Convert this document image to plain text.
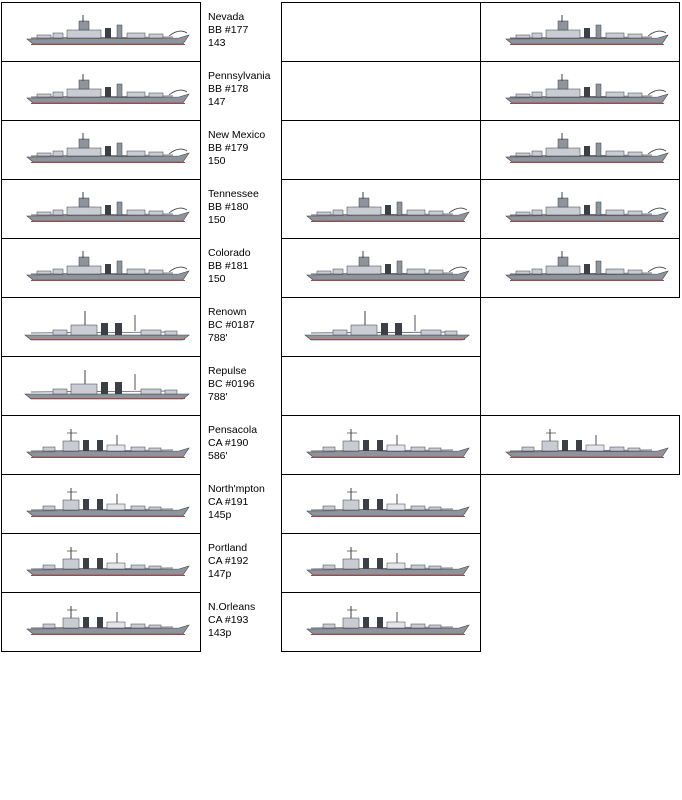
Nevada
BB #177
143
Pennsylvania
BB #178
147
New Mexico
BB #179
150
Tennessee
BB #180
150
Colorado
BB #181
150
Renown
BC #0187
788'
Repulse
BC #0196
788'
Pensacola
CA #190
586'
North'mpton
CA #191
145p
Portland
CA #192
147p
N.Orleans
CA #193
143p
